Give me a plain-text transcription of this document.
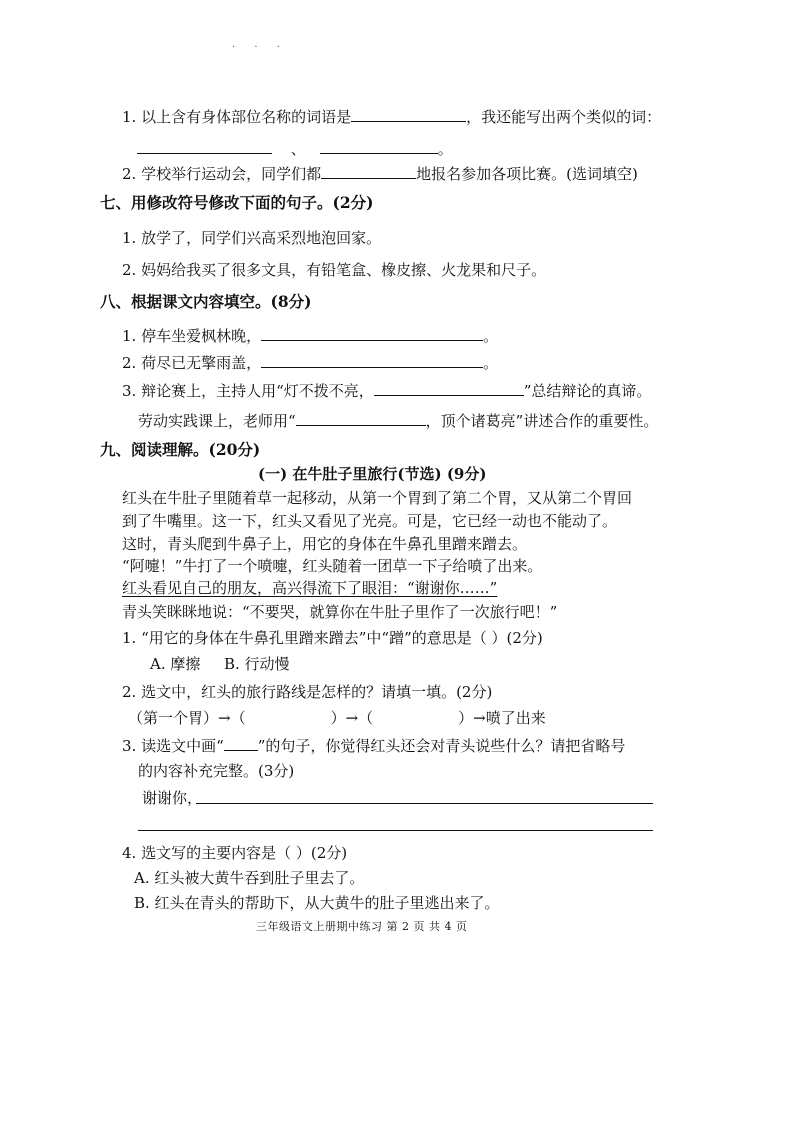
· · ·
1. 以上含有身体部位名称的词语是	，我还能写出两个类似的词：
、	。
2. 学校举行运动会，同学们都	地报名参加各项比赛。(选词填空)
七、用修改符号修改下面的句子。(2分)
1. 放学了，同学们兴高采烈地泡回家。
2. 妈妈给我买了很多文具，有铅笔盒、橡皮擦、火龙果和尺子。
八、根据课文内容填空。(8分)
1. 停车坐爱枫林晚，	。
2. 荷尽已无擎雨盖，	。
3. 辩论赛上，主持人用“灯不拨不亮，	”总结辩论的真谛。
劳动实践课上，老师用“	，顶个诸葛亮”讲述合作的重要性。
九、阅读理解。(20分)
(一) 在牛肚子里旅行(节选) (9分)
红头在牛肚子里随着草一起移动，从第一个胃到了第二个胃，又从第二个胃回
到了牛嘴里。这一下，红头又看见了光亮。可是，它已经一动也不能动了。
这时，青头爬到牛鼻子上，用它的身体在牛鼻孔里蹭来蹭去。
“阿嚏！”牛打了一个喷嚏，红头随着一团草一下子给喷了出来。
红头看见自己的朋友，高兴得流下了眼泪：“谢谢你……”
青头笑眯眯地说：“不要哭，就算你在牛肚子里作了一次旅行吧！”
1. “用它的身体在牛鼻孔里蹭来蹭去”中“蹭”的意思是（ ）(2分)
A. 摩擦 B. 行动慢
2. 选文中，红头的旅行路线是怎样的？请填一填。(2分)
（第一个胃）→（	）→（	）→喷了出来
3. 读选文中画“ ”的句子，你觉得红头还会对青头说些什么？请把省略号
的内容补充完整。(3分)
谢谢你，
4. 选文写的主要内容是（ ）(2分)
A. 红头被大黄牛吞到肚子里去了。
B. 红头在青头的帮助下，从大黄牛的肚子里逃出来了。
三年级语文上册期中练习 第 2 页 共 4 页
